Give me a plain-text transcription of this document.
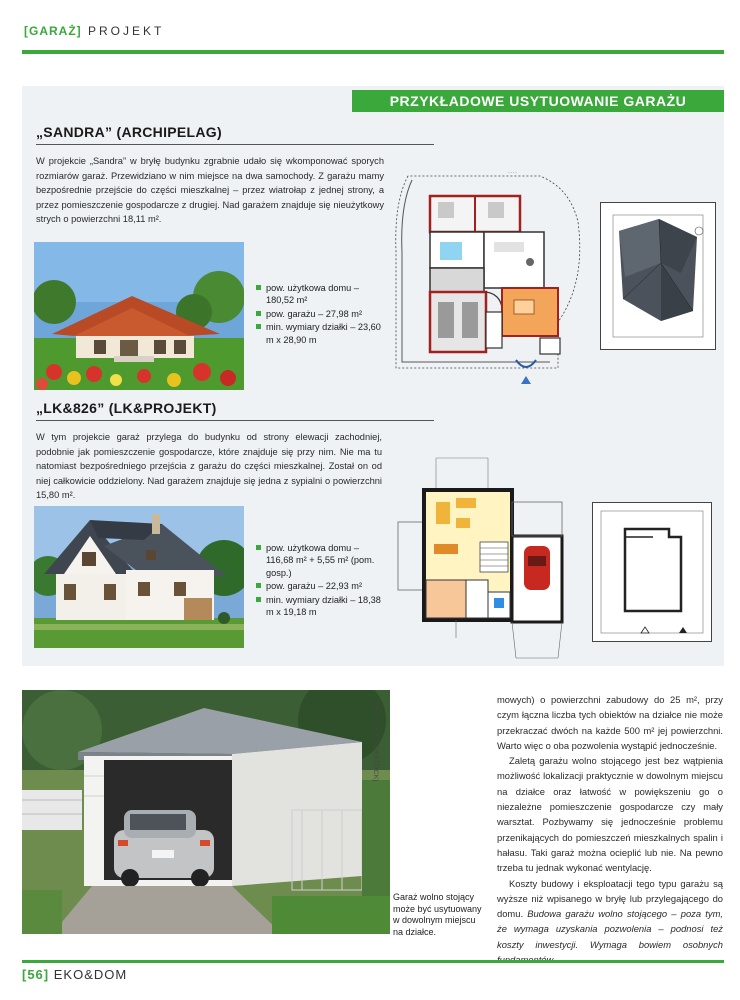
[GARAŻ] PROJEKT
PRZYKŁADOWE USYTUOWANIE GARAŻU
„SANDRA” (ARCHIPELAG)
W projekcie „Sandra” w bryłę budynku zgrabnie udało się wkomponować sporych rozmiarów garaż. Przewidziano w nim miejsce na dwa samochody. Z garażu mamy bezpośrednie przejście do części mieszkalnej – przez wiatrołap z jednej strony, a przez pomieszczenie gospodarcze z drugiej. Nad garażem znajduje się nieużytkowy strych o powierzchni 18,11 m².
pow. użytkowa domu – 180,52 m²
pow. garażu – 27,98 m²
min. wymiary działki – 23,60 m x 28,90 m
- - - -
„LK&826” (LK&PROJEKT)
W tym projekcie garaż przylega do budynku od strony elewacji zachodniej, podobnie jak pomieszczenie gospodarcze, które znajduje się przy nim. Nie ma tu natomiast bezpośredniego przejścia z garażu do części mieszkalnej. Został on od niej całkowicie oddzielony. Nad garażem znajduje się jedna z sypialni o powierzchni 15,80 m².
pow. użytkowa domu – 116,68 m² + 5,55 m² (pom. gosp.)
pow. garażu – 22,93 m²
min. wymiary działki – 18,38 m x 19,18 m
[FOT. SHUTTERSTOCK]
Garaż wolno stojący może być usytuowany w dowolnym miejscu na działce.

mowych) o powierzchni zabudowy do 25 m², przy czym łączna liczba tych obiektów na działce nie może przekraczać dwóch na każde 500 m² jej powierzchni. Warto więc o oba pozwolenia wystąpić jednocześnie.

Zaletą garażu wolno stojącego jest bez wątpienia możliwość lokalizacji praktycznie w dowolnym miejscu na działce oraz łatwość w powiększeniu go o niezależne pomieszczenie gospodarcze czy mały warsztat. Pozbywamy się jednocześnie problemu przenikających do pomieszczeń mieszkalnych spalin i hałasu. Taki garaż można ocieplić lub nie. Na pewno trzeba tu jednak wykonać wentylację.

Koszty budowy i eksploatacji tego typu garażu są wyższe niż wpisanego w bryłę lub przylegającego do domu. Budowa garażu wolno stojącego – poza tym, że wymaga uzyskania pozwolenia – podnosi też koszty inwestycji. Wymaga bowiem osobnych

[56] EKO&DOM
